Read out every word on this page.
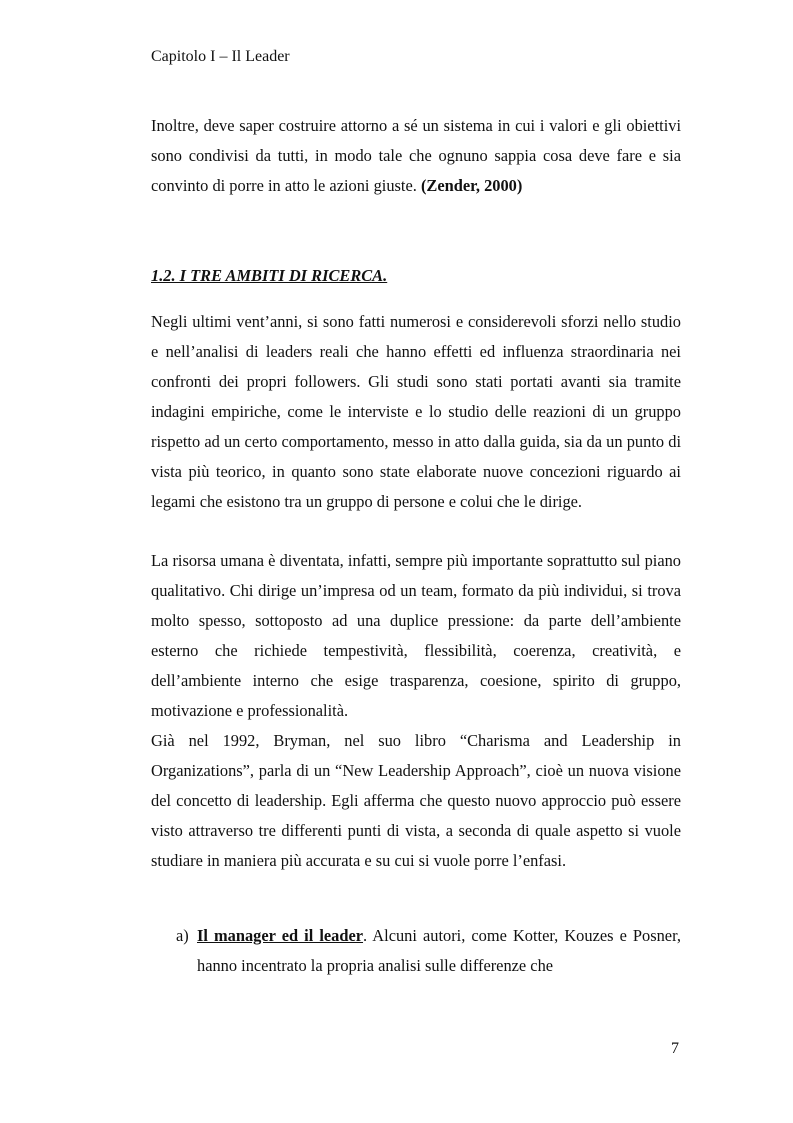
Capitolo I – Il Leader

Inoltre, deve saper costruire attorno a sé un sistema in cui i valori e gli obiettivi sono condivisi da tutti, in modo tale che ognuno sappia cosa deve fare e sia convinto di porre in atto le azioni giuste. (Zender, 2000)

1.2. I TRE AMBITI DI RICERCA.

Negli ultimi vent’anni, si sono fatti numerosi e considerevoli sforzi nello studio e nell’analisi di leaders reali che hanno effetti ed influenza straordinaria nei confronti dei propri followers. Gli studi sono stati portati avanti sia tramite indagini empiriche, come le interviste e lo studio delle reazioni di un gruppo rispetto ad un certo comportamento, messo in atto dalla guida, sia da un punto di vista più teorico, in quanto sono state elaborate nuove concezioni riguardo ai legami che esistono tra un gruppo di persone e colui che le dirige.

La risorsa umana è diventata, infatti, sempre più importante soprattutto sul piano qualitativo. Chi dirige un’impresa od un team, formato da più individui, si trova molto spesso, sottoposto ad una duplice pressione: da parte dell’ambiente esterno che richiede tempestività, flessibilità, coerenza, creatività, e dell’ambiente interno che esige trasparenza, coesione, spirito di gruppo, motivazione e professionalità.

Già nel 1992, Bryman, nel suo libro “Charisma and Leadership in Organizations”, parla di un “New Leadership Approach”, cioè un nuova visione del concetto di leadership. Egli afferma che questo nuovo approccio può essere visto attraverso tre differenti punti di vista, a seconda di quale aspetto si vuole studiare in maniera più accurata e su cui si vuole porre l’enfasi.

a) Il manager ed il leader. Alcuni autori, come Kotter, Kouzes e Posner, hanno incentrato la propria analisi sulle differenze che
7
